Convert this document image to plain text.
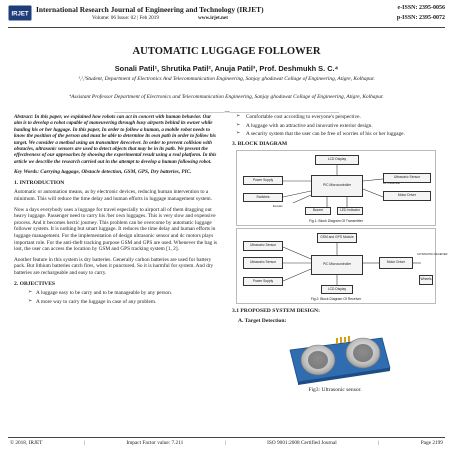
IRJET
International Research Journal of Engineering and Technology (IRJET)
Volume: 06 Issue: 02 | Feb 2019	www.irjet.net
e-ISSN: 2395-0056
p-ISSN: 2395-0072
AUTOMATIC LUGGAGE FOLLOWER
Sonali Patil¹, Shrutika Patil², Anuja Patil³, Prof. Deshmukh S. C.⁴
¹,²,³Student, Department of Electronics And Telecommunication Engineering, Sanjay ghodawat Collage of Engineering, Atigre, Kolhapur.
⁴Assistant Professor Department of Electronics and Telecommunication Engineering, Sanjay ghodawat Collage of Engineering, Atigre, Kolhapur.
-----------------------------------------------------------------------------------------------------------***----------------------------------------------------------------------------------------------------------

Abstract: In this paper, we explained how robots can act in concert with human behavior. Our aim is to develop a robot capable of maneuvering through busy airports behind its owner while hauling his or her luggage. In this paper, In order to follow a human, a mobile robot needs to know the position of the person and must be able to determine its own path in order to follow his target. We consider a method using an transmitter &receiver. In order to prevent collision with obstacles, ultrasonic sensors are used to detect objects that may be in its path. We present the effectiveness of our approaches by showing the experimental result using a real platform. In this article we describe the research carried out in the attempt to develop a human following robot.

Key Words: Carrying luggage, Obstacle detection, GSM, GPS, Dry batteries, PIC.

1. INTRODUCTION

Automatic or automation means, as by electronic devices, reducing human intervention to a minimum. This will reduce the time delay and human efforts in luggage management system.

Now a days everybody uses a luggage for travel especially to airport all of them dragging out heavy luggage. Passenger need to carry his /her own luggages. This is very slow and expensive process. And it becomes hectic journey. This problem can be overcome by automatic luggage follower system. It is nothing but smart luggage. It reduces the time delay and human efforts in luggage management. For the implementation of design ultrasonic sensor and dc motors plays important role. For the anti-theft tracking purpose GSM and GPS are used. Whenever the bag is lost, the user can access the location by GSM and GPS tracking system [1, 2].

Another feature in this system is dry batteries. Generally carbon batteries are used for battery pack. But lithium batteries catch fires, when it punctured. So it is harmful for system. And dry batteries are rechargeable and easy to carry.

2. OBJECTIVES
➢ A luggage easy to be carry and to be manageable by any person.
➢ A more way to carry the luggage in case of any problem.
➢ Comfortable cost according to everyone's perspective.
➢ A luggage with an attractive and innovative exterior design.
➢ A security system that the user can be free of worries of his or her luggage.
3. BLOCK DIAGRAM
LCD Display
Power Supply
PIC Microcontroller
Ultrasonic Sensor
Switches	Motor Driver
RF Transmitter
Buzzer	LED Indicator
Encoder
Fig.1: Block Diagram Of Transmitter
GSM and GPS Module
Ultrasonic Sensor
Ultrasonic Sensor
Power Supply
PIC Microcontroller	Motor Driver
ULTRASONIC RECEIVER
Wheels
LCD Display
Fig.2: Block Diagram Of Receiver
3.1 PROPOSED SYSTEM DESIGN:
A. Target Detection:
Fig3: Ultrasonic sensor.
© 2018, IRJET	|	Impact Factor value: 7.211	|	ISO 9001:2008 Certified Journal	|	Page 2199
